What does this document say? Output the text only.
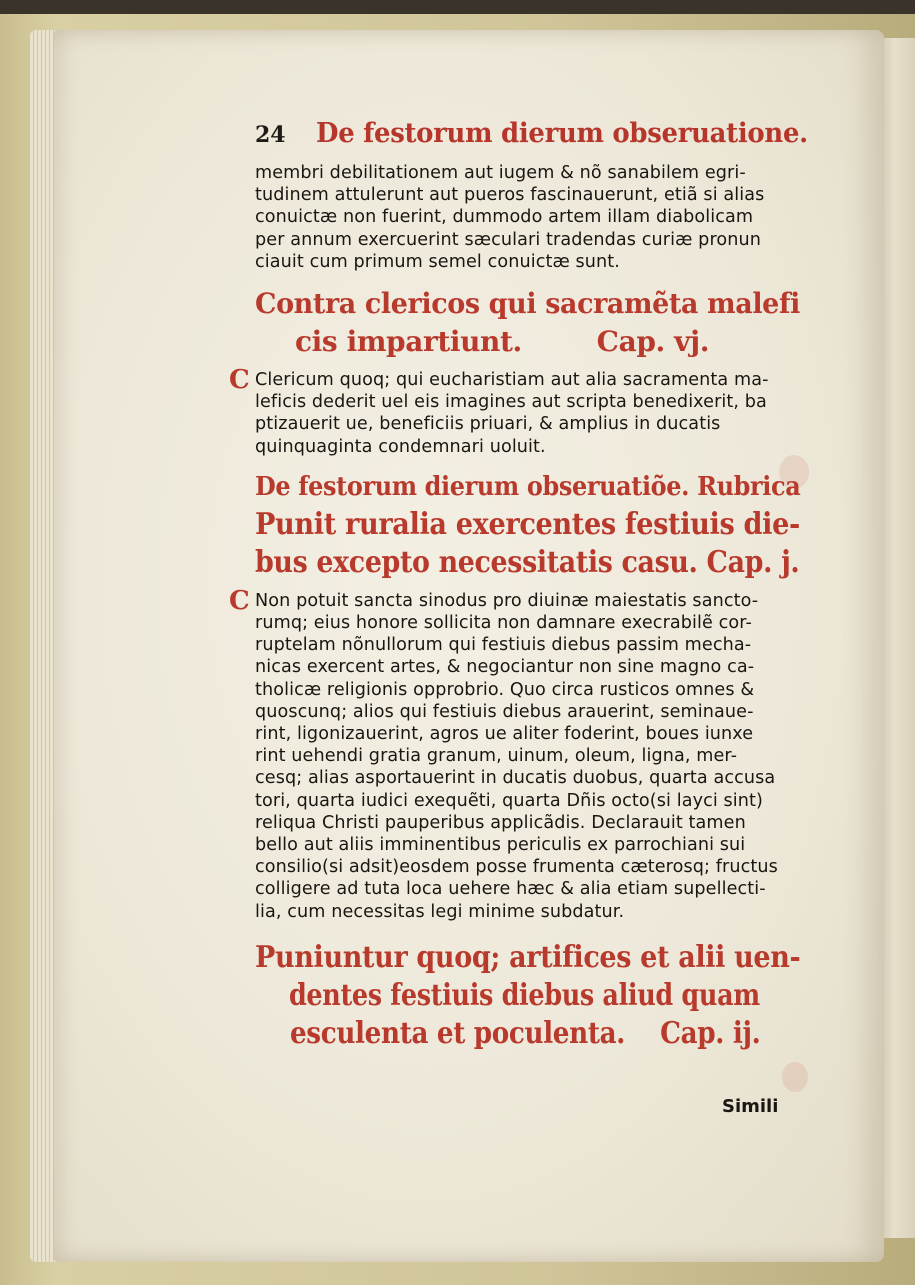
24 De festorum dierum obseruatione.
membri debilitationem aut iugem & nõ sanabilem egri-
tudinem attulerunt aut pueros fascinauerunt, etiã si alias
conuictæ non fuerint, dummodo artem illam diabolicam
per annum exercuerint sæculari tradendas curiæ pronun
ciauit cum primum semel conuictæ sunt.
Contra clericos qui sacramẽta malefi
cis impartiunt.        Cap. vj.
C Clericum quoq; qui eucharistiam aut alia sacramenta ma-
leficis dederit uel eis imagines aut scripta benedixerit, ba
ptizauerit ue, beneficiis priuari, & amplius in ducatis
quinquaginta condemnari uoluit.
De festorum dierum obseruatiõe. Rubrica
Punit ruralia exercentes festiuis die-
bus excepto necessitatis casu. Cap. j.
C Non potuit sancta sinodus pro diuinæ maiestatis sancto-
rumq; eius honore sollicita non damnare execrabilẽ cor-
ruptelam nõnullorum qui festiuis diebus passim mecha-
nicas exercent artes, & negociantur non sine magno ca-
tholicæ religionis opprobrio. Quo circa rusticos omnes &
quoscunq; alios qui festiuis diebus arauerint, seminaue-
rint, ligonizauerint, agros ue aliter foderint, boues iunxe
rint uehendi gratia granum, uinum, oleum, ligna, mer-
cesq; alias asportauerint in ducatis duobus, quarta accusa
tori, quarta iudici exequẽti, quarta Dñis octo(si layci sint)
reliqua Christi pauperibus applicãdis. Declarauit tamen
bello aut aliis imminentibus periculis ex parrochiani sui
consilio(si adsit)eosdem posse frumenta cæterosq; fructus
colligere ad tuta loca uehere hæc & alia etiam supellecti-
lia, cum necessitas legi minime subdatur.
Puniuntur quoq; artifices et alii uen-
dentes festiuis diebus aliud quam
esculenta et poculenta.    Cap. ij.
Simili
